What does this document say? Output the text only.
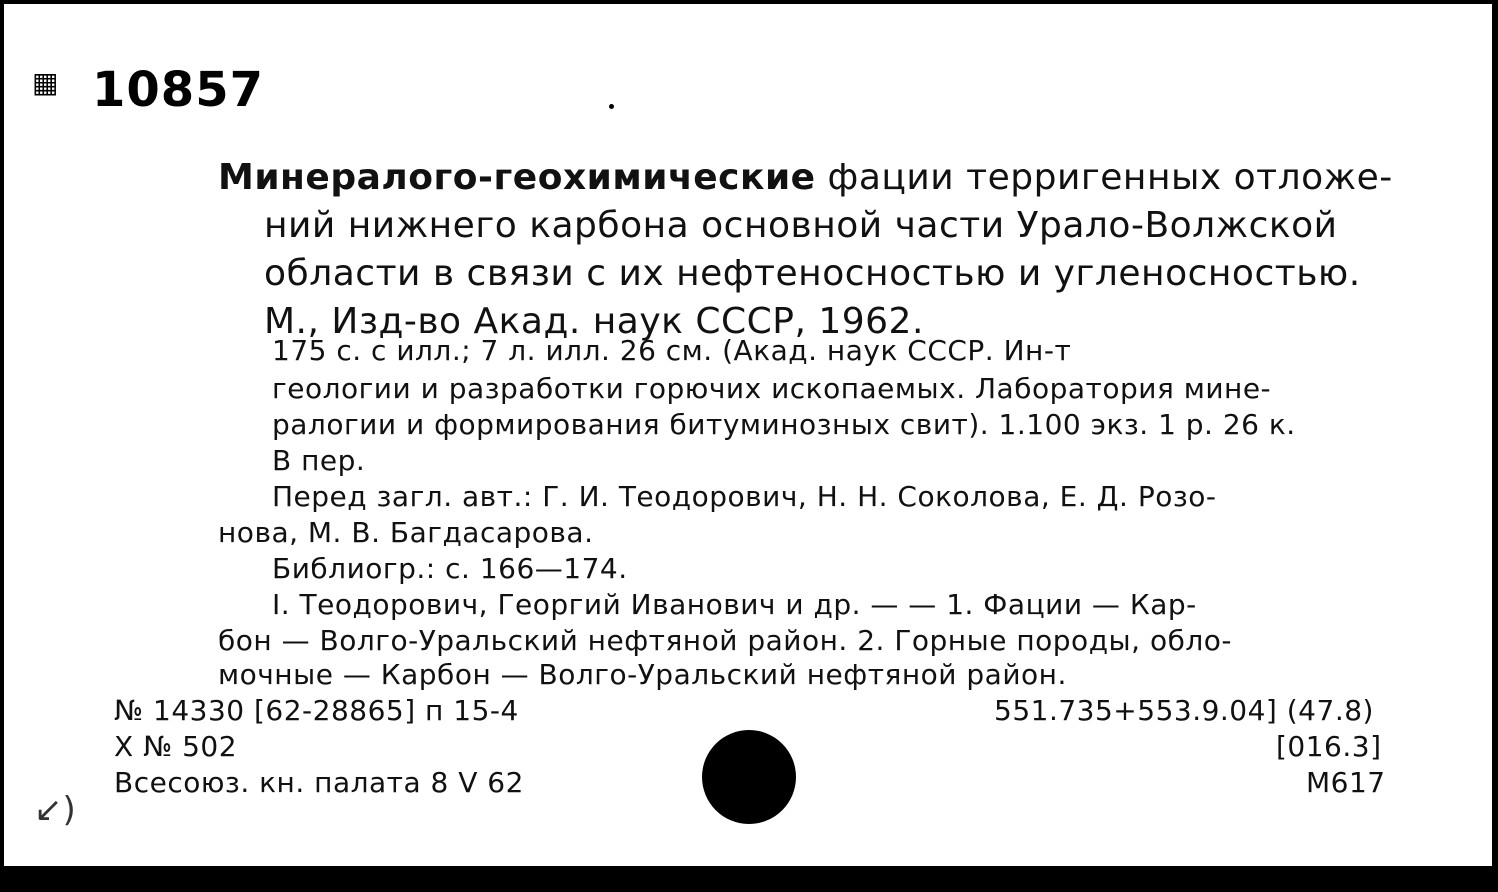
▦ 10857
Минералого-геохимические фации терригенных отложе-
ний нижнего карбона основной части Урало-Волжской
области в связи с их нефтеносностью и угленосностью.
М., Изд-во Акад. наук СССР, 1962.
175 с. с илл.; 7 л. илл. 26 см. (Акад. наук СССР. Ин-т
геологии и разработки горючих ископаемых. Лаборатория мине-
ралогии и формирования битуминозных свит). 1.100 экз. 1 р. 26 к.
В пер.
Перед загл. авт.: Г. И. Теодорович, Н. Н. Соколова, Е. Д. Розо-
нова, М. В. Багдасарова.
Библиогр.: с. 166—174.
I. Теодорович, Георгий Иванович и др. — — 1. Фации — Кар-
бон — Волго-Уральский нефтяной район. 2. Горные породы, обло-
мочные — Карбон — Волго-Уральский нефтяной район.
№ 14330 [62-28865] п 15-4
Х № 502
Всесоюз. кн. палата 8 V 62
551.735+553.9.04] (47.8)
[016.3]
М617
↙)
